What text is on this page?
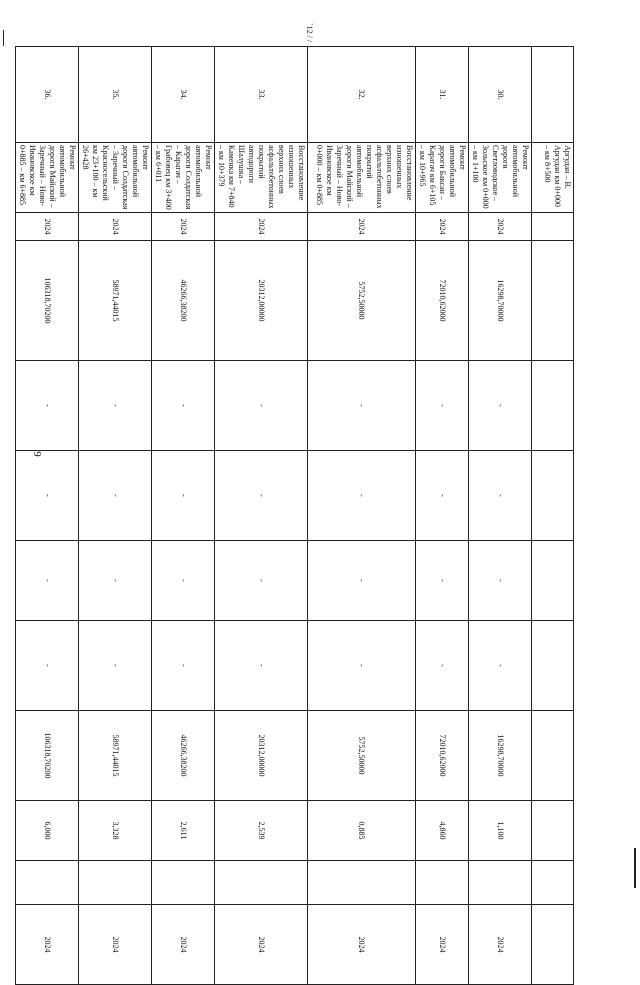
`12 / /
9
	Аргудан – В. Аргудан км 0+000 – км 8+500										
30.	Ремонт автомобильной дороги Светловодское – Зольское км 0+000 – км 1+100	2024	16298,70000	-	-	-	-	16298,70000	1,100		2024
31.	Ремонт автомобильной дороги Баксан – Карагач км 6+105 – км 10+965	2024	72010,62000	-	-	-	-	72010,62000	4,860		2024
32.	Восстановление изношенных верхних слоев асфальтобетонных покрытий автомобильной дороги Майский – Заречный – Ново-Ивановское км 0+000 – км 0+885	2024	5752,50000	-	-	-	-	5752,50000	0,885		2024
33.	Восстановление изношенных верхних слоев асфальтобетонных покрытий автодороги Шалушка – Каменка км 7+840 – км 10+379	2024	20312,00000	-	-	-	-	20312,00000	2,539		2024
34.	Ремонт автомобильной дороги Солдатская – Карагач – Грабовец км 3+400 – км 6+011	2024	46266,38200	-	-	-	-	46266,38200	2,611		2024
35.	Ремонт автомобильной дороги Солдатская – Заречный – Красносельский км 23+100 – км 26+428	2024	58971,44015	-	-	-	-	58971,44015	3,328		2024
36.	Ремонт автомобильной дороги Майский – Заречный – Ново-Ивановское км 0+885 – км 6+885	2024	106318,70200	-	-	-	-	106318,70200	6,000		2024
